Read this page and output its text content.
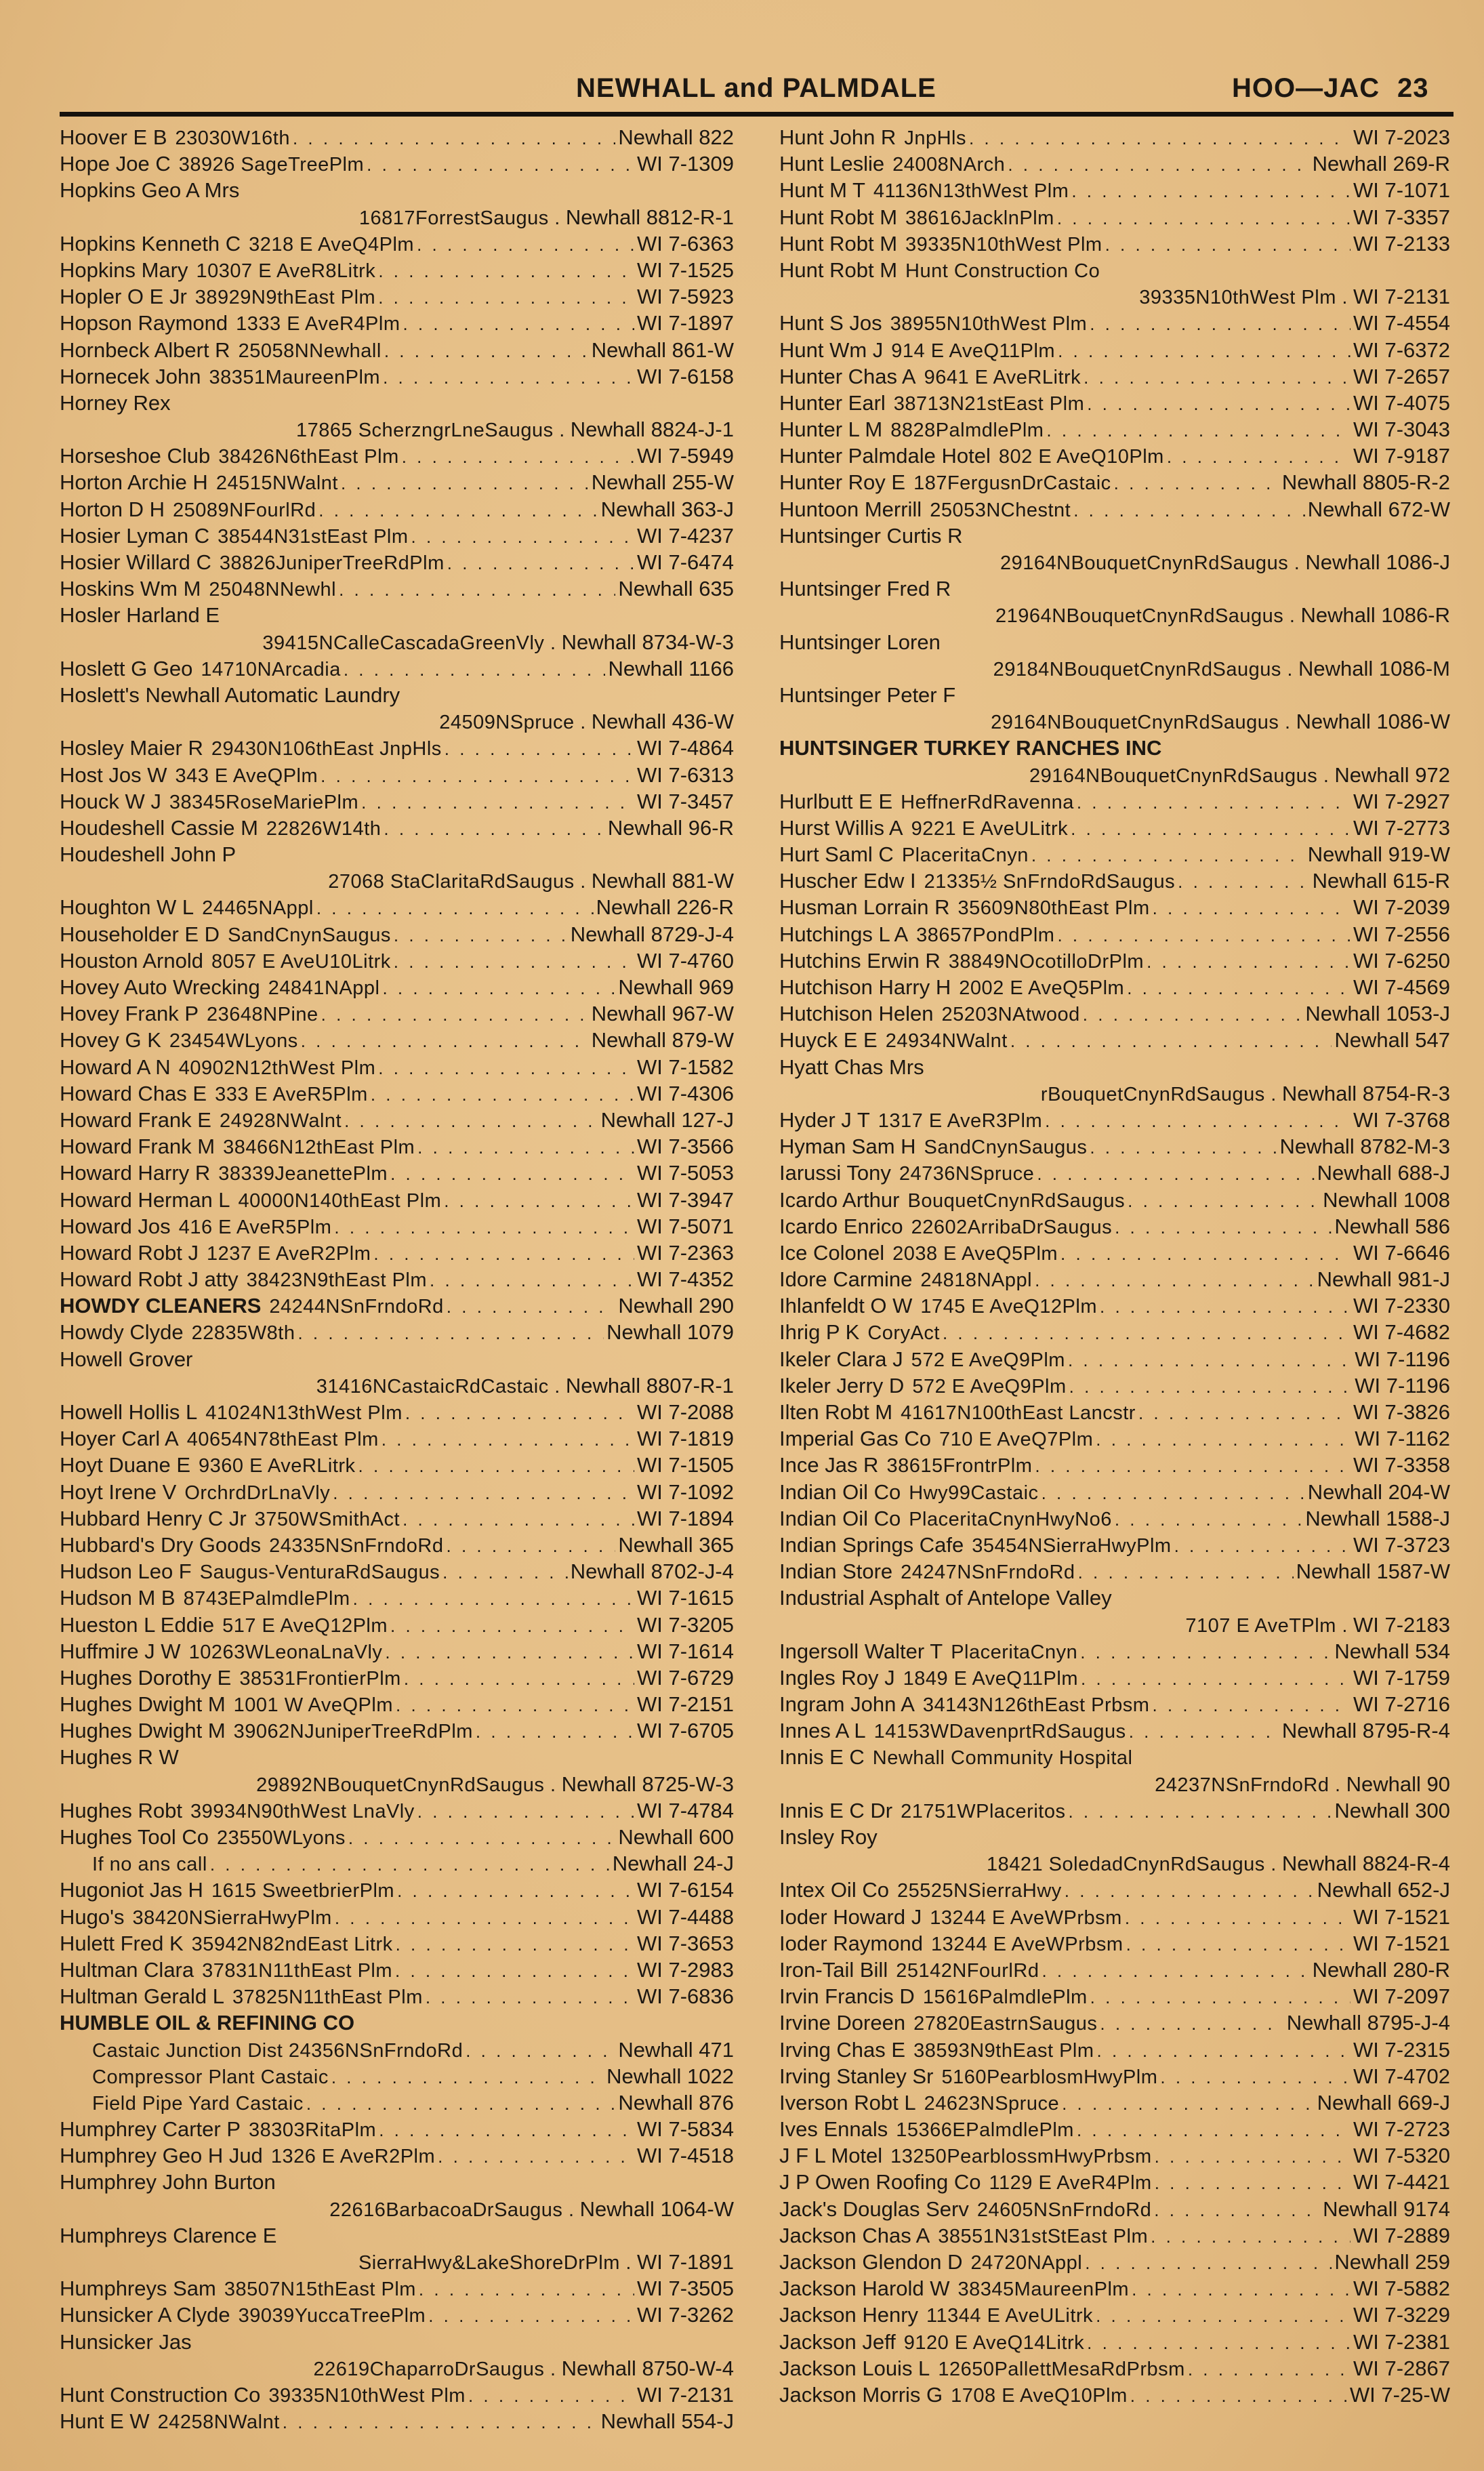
NEWHALL and PALMDALE	HOO—JAC 23
Hoover E B 23030W16th . . .	Newhall 822
Hope Joe C 38926 SageTreePlm . . .	WI 7-1309
Hopkins Geo A Mrs
16817ForrestSaugus . Newhall 8812-R-1
Hopkins Kenneth C 3218 E AveQ4Plm . . .	WI 7-6363
Hopkins Mary 10307 E AveR8Litrk . . .	WI 7-1525
Hopler O E Jr 38929N9thEast Plm . . .	WI 7-5923
Hopson Raymond 1333 E AveR4Plm . . .	WI 7-1897
Hornbeck Albert R 25058NNewhall . . .	Newhall 861-W
Hornecek John 38351MaureenPlm . . .	WI 7-6158
Horney Rex
17865 ScherzngrLneSaugus . Newhall 8824-J-1
Horseshoe Club 38426N6thEast Plm . . .	WI 7-5949
Horton Archie H 24515NWalnt . . .	Newhall 255-W
Horton D H 25089NFourlRd . . .	Newhall 363-J
Hosier Lyman C 38544N31stEast Plm . . .	WI 7-4237
Hosier Willard C 38826JuniperTreeRdPlm . . .	WI 7-6474
Hoskins Wm M 25048NNewhl . . .	Newhall 635
Hosler Harland E
39415NCalleCascadaGreenVly . Newhall 8734-W-3
Hoslett G Geo 14710NArcadia . . .	Newhall 1166
Hoslett's Newhall Automatic Laundry
24509NSpruce . Newhall 436-W
Hosley Maier R 29430N106thEast JnpHls . . .	WI 7-4864
Host Jos W 343 E AveQPlm . . .	WI 7-6313
Houck W J 38345RoseMariePlm . . .	WI 7-3457
Houdeshell Cassie M 22826W14th . . .	Newhall 96-R
Houdeshell John P
27068 StaClaritaRdSaugus . Newhall 881-W
Houghton W L 24465NAppl . . .	Newhall 226-R
Householder E D SandCnynSaugus . . .	Newhall 8729-J-4
Houston Arnold 8057 E AveU10Litrk . . .	WI 7-4760
Hovey Auto Wrecking 24841NAppl . . .	Newhall 969
Hovey Frank P 23648NPine . . .	Newhall 967-W
Hovey G K 23454WLyons . . .	Newhall 879-W
Howard A N 40902N12thWest Plm . . .	WI 7-1582
Howard Chas E 333 E AveR5Plm . . .	WI 7-4306
Howard Frank E 24928NWalnt . . .	Newhall 127-J
Howard Frank M 38466N12thEast Plm . . .	WI 7-3566
Howard Harry R 38339JeanettePlm . . .	WI 7-5053
Howard Herman L 40000N140thEast Plm . . .	WI 7-3947
Howard Jos 416 E AveR5Plm . . .	WI 7-5071
Howard Robt J 1237 E AveR2Plm . . .	WI 7-2363
Howard Robt J atty 38423N9thEast Plm . . .	WI 7-4352
HOWDY CLEANERS 24244NSnFrndoRd . . .	Newhall 290
Howdy Clyde 22835W8th . . .	Newhall 1079
Howell Grover
31416NCastaicRdCastaic . Newhall 8807-R-1
Howell Hollis L 41024N13thWest Plm . . .	WI 7-2088
Hoyer Carl A 40654N78thEast Plm . . .	WI 7-1819
Hoyt Duane E 9360 E AveRLitrk . . .	WI 7-1505
Hoyt Irene V OrchrdDrLnaVly . . .	WI 7-1092
Hubbard Henry C Jr 3750WSmithAct . . .	WI 7-1894
Hubbard's Dry Goods 24335NSnFrndoRd . . .	Newhall 365
Hudson Leo F Saugus-VenturaRdSaugus . . .	Newhall 8702-J-4
Hudson M B 8743EPalmdlePlm . . .	WI 7-1615
Hueston L Eddie 517 E AveQ12Plm . . .	WI 7-3205
Huffmire J W 10263WLeonaLnaVly . . .	WI 7-1614
Hughes Dorothy E 38531FrontierPlm . . .	WI 7-6729
Hughes Dwight M 1001 W AveQPlm . . .	WI 7-2151
Hughes Dwight M 39062NJuniperTreeRdPlm . . .	WI 7-6705
Hughes R W
29892NBouquetCnynRdSaugus . Newhall 8725-W-3
Hughes Robt 39934N90thWest LnaVly . . .	WI 7-4784
Hughes Tool Co 23550WLyons . . .	Newhall 600
If no ans call . . .	Newhall 24-J
Hugoniot Jas H 1615 SweetbrierPlm . . .	WI 7-6154
Hugo's 38420NSierraHwyPlm . . .	WI 7-4488
Hulett Fred K 35942N82ndEast Litrk . . .	WI 7-3653
Hultman Clara 37831N11thEast Plm . . .	WI 7-2983
Hultman Gerald L 37825N11thEast Plm . . .	WI 7-6836
HUMBLE OIL & REFINING CO
Castaic Junction Dist 24356NSnFrndoRd . . .	Newhall 471
Compressor Plant Castaic . . .	Newhall 1022
Field Pipe Yard Castaic . . .	Newhall 876
Humphrey Carter P 38303RitaPlm . . .	WI 7-5834
Humphrey Geo H Jud 1326 E AveR2Plm . . .	WI 7-4518
Humphrey John Burton
22616BarbacoaDrSaugus . Newhall 1064-W
Humphreys Clarence E
SierraHwy&LakeShoreDrPlm . WI 7-1891
Humphreys Sam 38507N15thEast Plm . . .	WI 7-3505
Hunsicker A Clyde 39039YuccaTreePlm . . .	WI 7-3262
Hunsicker Jas
22619ChaparroDrSaugus . Newhall 8750-W-4
Hunt Construction Co 39335N10thWest Plm . . .	WI 7-2131
Hunt E W 24258NWalnt . . .	Newhall 554-J
Hunt John R JnpHls . . .	WI 7-2023
Hunt Leslie 24008NArch . . .	Newhall 269-R
Hunt M T 41136N13thWest Plm . . .	WI 7-1071
Hunt Robt M 38616JacklnPlm . . .	WI 7-3357
Hunt Robt M 39335N10thWest Plm . . .	WI 7-2133
Hunt Robt M Hunt Construction Co
39335N10thWest Plm . WI 7-2131
Hunt S Jos 38955N10thWest Plm . . .	WI 7-4554
Hunt Wm J 914 E AveQ11Plm . . .	WI 7-6372
Hunter Chas A 9641 E AveRLitrk . . .	WI 7-2657
Hunter Earl 38713N21stEast Plm . . .	WI 7-4075
Hunter L M 8828PalmdlePlm . . .	WI 7-3043
Hunter Palmdale Hotel 802 E AveQ10Plm . . .	WI 7-9187
Hunter Roy E 187FergusnDrCastaic . . .	Newhall 8805-R-2
Huntoon Merrill 25053NChestnt . . .	Newhall 672-W
Huntsinger Curtis R
29164NBouquetCnynRdSaugus . Newhall 1086-J
Huntsinger Fred R
21964NBouquetCnynRdSaugus . Newhall 1086-R
Huntsinger Loren
29184NBouquetCnynRdSaugus . Newhall 1086-M
Huntsinger Peter F
29164NBouquetCnynRdSaugus . Newhall 1086-W
HUNTSINGER TURKEY RANCHES INC
29164NBouquetCnynRdSaugus . Newhall 972
Hurlbutt E E HeffnerRdRavenna . . .	WI 7-2927
Hurst Willis A 9221 E AveULitrk . . .	WI 7-2773
Hurt Saml C PlaceritaCnyn . . .	Newhall 919-W
Huscher Edw I 21335½ SnFrndoRdSaugus . . .	Newhall 615-R
Husman Lorrain R 35609N80thEast Plm . . .	WI 7-2039
Hutchings L A 38657PondPlm . . .	WI 7-2556
Hutchins Erwin R 38849NOcotilloDrPlm . . .	WI 7-6250
Hutchison Harry H 2002 E AveQ5Plm . . .	WI 7-4569
Hutchison Helen 25203NAtwood . . .	Newhall 1053-J
Huyck E E 24934NWalnt . . .	Newhall 547
Hyatt Chas Mrs
rBouquetCnynRdSaugus . Newhall 8754-R-3
Hyder J T 1317 E AveR3Plm . . .	WI 7-3768
Hyman Sam H SandCnynSaugus . . .	Newhall 8782-M-3
Iarussi Tony 24736NSpruce . . .	Newhall 688-J
Icardo Arthur BouquetCnynRdSaugus . . .	Newhall 1008
Icardo Enrico 22602ArribaDrSaugus . . .	Newhall 586
Ice Colonel 2038 E AveQ5Plm . . .	WI 7-6646
Idore Carmine 24818NAppl . . .	Newhall 981-J
Ihlanfeldt O W 1745 E AveQ12Plm . . .	WI 7-2330
Ihrig P K CoryAct . . .	WI 7-4682
Ikeler Clara J 572 E AveQ9Plm . . .	WI 7-1196
Ikeler Jerry D 572 E AveQ9Plm . . .	WI 7-1196
Ilten Robt M 41617N100thEast Lancstr . . .	WI 7-3826
Imperial Gas Co 710 E AveQ7Plm . . .	WI 7-1162
Ince Jas R 38615FrontrPlm . . .	WI 7-3358
Indian Oil Co Hwy99Castaic . . .	Newhall 204-W
Indian Oil Co PlaceritaCnynHwyNo6 . . .	Newhall 1588-J
Indian Springs Cafe 35454NSierraHwyPlm . . .	WI 7-3723
Indian Store 24247NSnFrndoRd . . .	Newhall 1587-W
Industrial Asphalt of Antelope Valley
7107 E AveTPlm . WI 7-2183
Ingersoll Walter T PlaceritaCnyn . . .	Newhall 534
Ingles Roy J 1849 E AveQ11Plm . . .	WI 7-1759
Ingram John A 34143N126thEast Prbsm . . .	WI 7-2716
Innes A L 14153WDavenprtRdSaugus . . .	Newhall 8795-R-4
Innis E C Newhall Community Hospital
24237NSnFrndoRd . Newhall 90
Innis E C Dr 21751WPlaceritos . . .	Newhall 300
Insley Roy
18421 SoledadCnynRdSaugus . Newhall 8824-R-4
Intex Oil Co 25525NSierraHwy . . .	Newhall 652-J
Ioder Howard J 13244 E AveWPrbsm . . .	WI 7-1521
Ioder Raymond 13244 E AveWPrbsm . . .	WI 7-1521
Iron-Tail Bill 25142NFourlRd . . .	Newhall 280-R
Irvin Francis D 15616PalmdlePlm . . .	WI 7-2097
Irvine Doreen 27820EastrnSaugus . . .	Newhall 8795-J-4
Irving Chas E 38593N9thEast Plm . . .	WI 7-2315
Irving Stanley Sr 5160PearblosmHwyPlm . . .	WI 7-4702
Iverson Robt L 24623NSpruce . . .	Newhall 669-J
Ives Ennals 15366EPalmdlePlm . . .	WI 7-2723
J F L Motel 13250PearblossmHwyPrbsm . . .	WI 7-5320
J P Owen Roofing Co 1129 E AveR4Plm . . .	WI 7-4421
Jack's Douglas Serv 24605NSnFrndoRd . . .	Newhall 9174
Jackson Chas A 38551N31stStEast Plm . . .	WI 7-2889
Jackson Glendon D 24720NAppl . . .	Newhall 259
Jackson Harold W 38345MaureenPlm . . .	WI 7-5882
Jackson Henry 11344 E AveULitrk . . .	WI 7-3229
Jackson Jeff 9120 E AveQ14Litrk . . .	WI 7-2381
Jackson Louis L 12650PallettMesaRdPrbsm . . .	WI 7-2867
Jackson Morris G 1708 E AveQ10Plm . . .	WI 7-25-W
